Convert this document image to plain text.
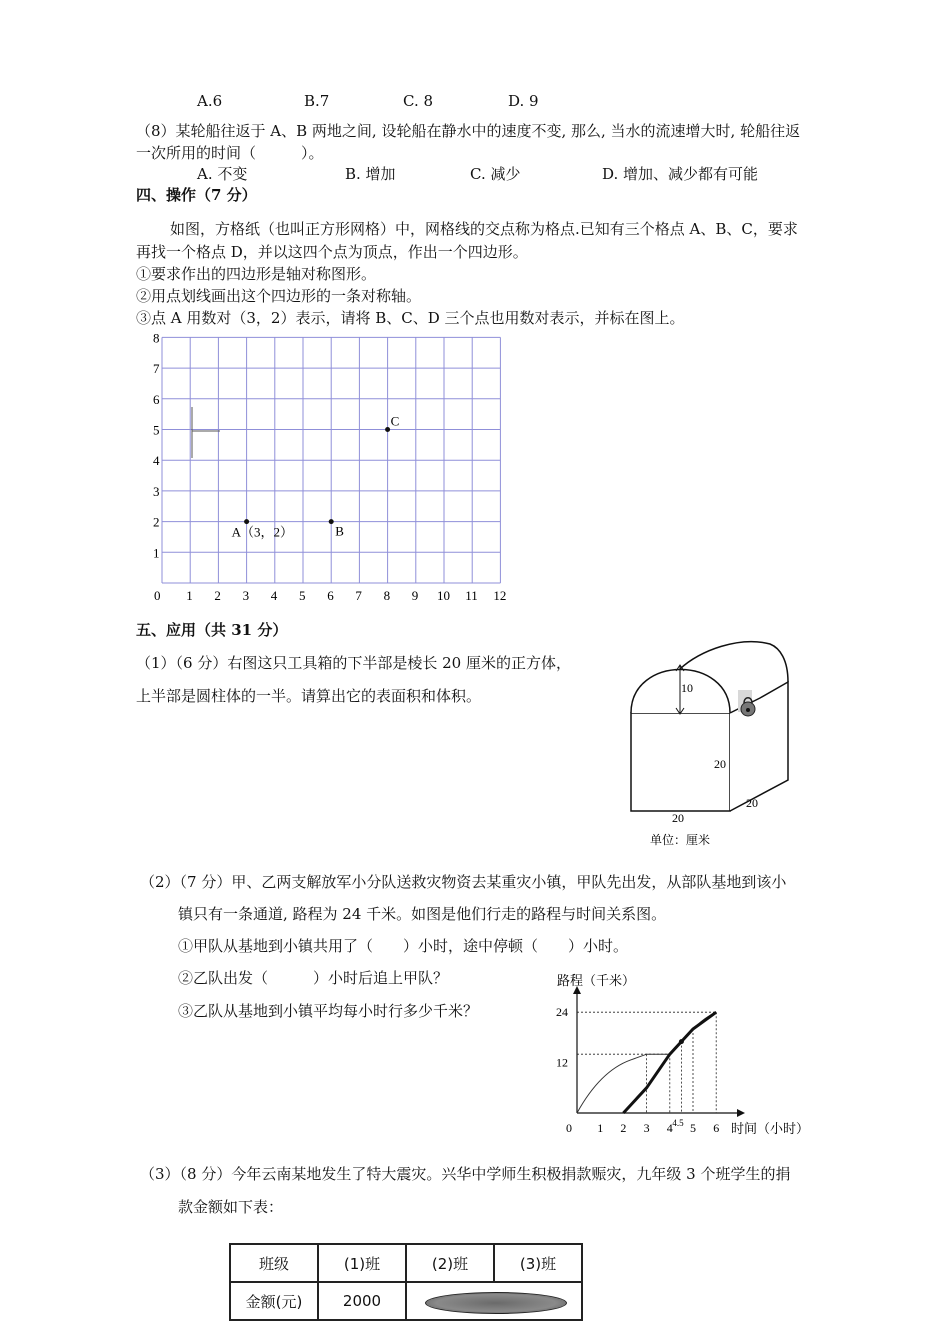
A.6	B.7	C. 8	D. 9
（8）某轮船往返于 A、B 两地之间, 设轮船在静水中的速度不变, 那么, 当水的流速增大时, 轮船往返
一次所用的时间（　　　）。
A. 不变	B. 增加	C. 减少	D. 增加、减少都有可能
四、操作（7 分）
如图，方格纸（也叫正方形网格）中，网格线的交点称为格点.已知有三个格点 A、B、C，要求
再找一个格点 D，并以这四个点为顶点，作出一个四边形。
①要求作出的四边形是轴对称图形。
②用点划线画出这个四边形的一条对称轴。
③点 A 用数对（3，2）表示，请将 B、C、D 三个点也用数对表示，并标在图上。
0 1 2 3 4 5 6 7 8 9 10 11 12
1
2
3
4
5
6
7
8
A（3，2）	B
C
五、应用（共 31 分）
（1）（6 分）右图这只工具箱的下半部是棱长 20 厘米的正方体，
上半部是圆柱体的一半。请算出它的表面积和体积。	10
20
20
20
单位：厘米
（2）（7 分）甲、乙两支解放军小分队送救灾物资去某重灾小镇，甲队先出发，从部队基地到该小
镇只有一条通道, 路程为 24 千米。如图是他们行走的路程与时间关系图。
①甲队从基地到小镇共用了（　　）小时，途中停顿（　　）小时。
②乙队出发（　　　）小时后追上甲队？
③乙队从基地到小镇平均每小时行多少千米？
路程（千米）
时间（小时）
12
24
0 1 2 3 4 4.5 5 6
（3）（8 分）今年云南某地发生了特大震灾。兴华中学师生积极捐款赈灾，九年级 3 个班学生的捐
款金额如下表：
班级	(1)班	(2)班	(3)班
金额(元)	2000		
